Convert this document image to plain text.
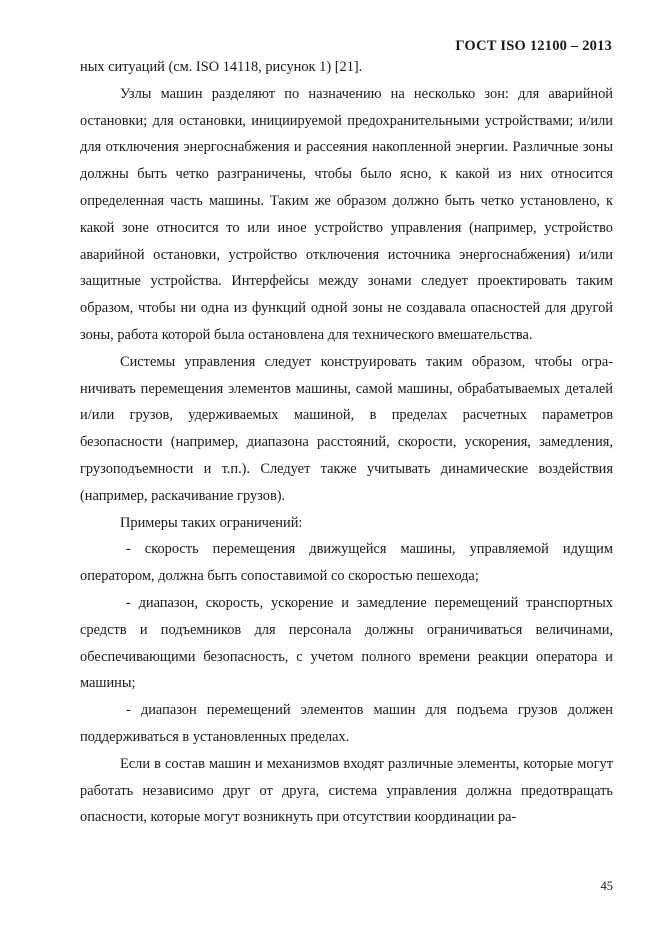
ГОСТ ISO 12100 – 2013

ных ситуаций (см. ISO 14118, рисунок 1) [21].

Узлы машин разделяют по назначению на несколько зон: для аварийной остановки; для остановки, инициируемой предохранительными устройствами; и/или для отключения энергоснабжения и рассеяния накопленной энергии. Различные зоны должны быть четко разграничены, чтобы было ясно, к какой из них относится определенная часть машины. Таким же образом должно быть четко установлено, к какой зоне относится то или иное устройство управления (например, устройство аварийной остановки, устройство отключения источника энергоснабжения) и/или защитные устройства. Интерфейсы между зонами следует проектировать таким образом, чтобы ни одна из функций одной зоны не создавала опасностей для другой зоны, работа которой была остановлена для технического вмешательства.

Системы управления следует конструировать таким образом, чтобы ограничивать перемещения элементов машины, самой машины, обрабатываемых деталей и/или грузов, удерживаемых машиной, в пределах расчетных параметров безопасности (например, диапазона расстояний, скорости, ускорения, замедления, грузоподъемности и т.п.). Следует также учитывать динамические воздействия (например, раскачивание грузов).

Примеры таких ограничений:

- скорость перемещения движущейся машины, управляемой идущим оператором, должна быть сопоставимой со скоростью пешехода;

- диапазон, скорость, ускорение и замедление перемещений транспортных средств и подъемников для персонала должны ограничиваться величинами, обеспечивающими безопасность, с учетом полного времени реакции оператора и машины;

- диапазон перемещений элементов машин для подъема грузов должен поддерживаться в установленных пределах.

Если в состав машин и механизмов входят различные элементы, которые могут работать независимо друг от друга, система управления должна предотвращать опасности, которые могут возникнуть при отсутствии координации ра-

45
